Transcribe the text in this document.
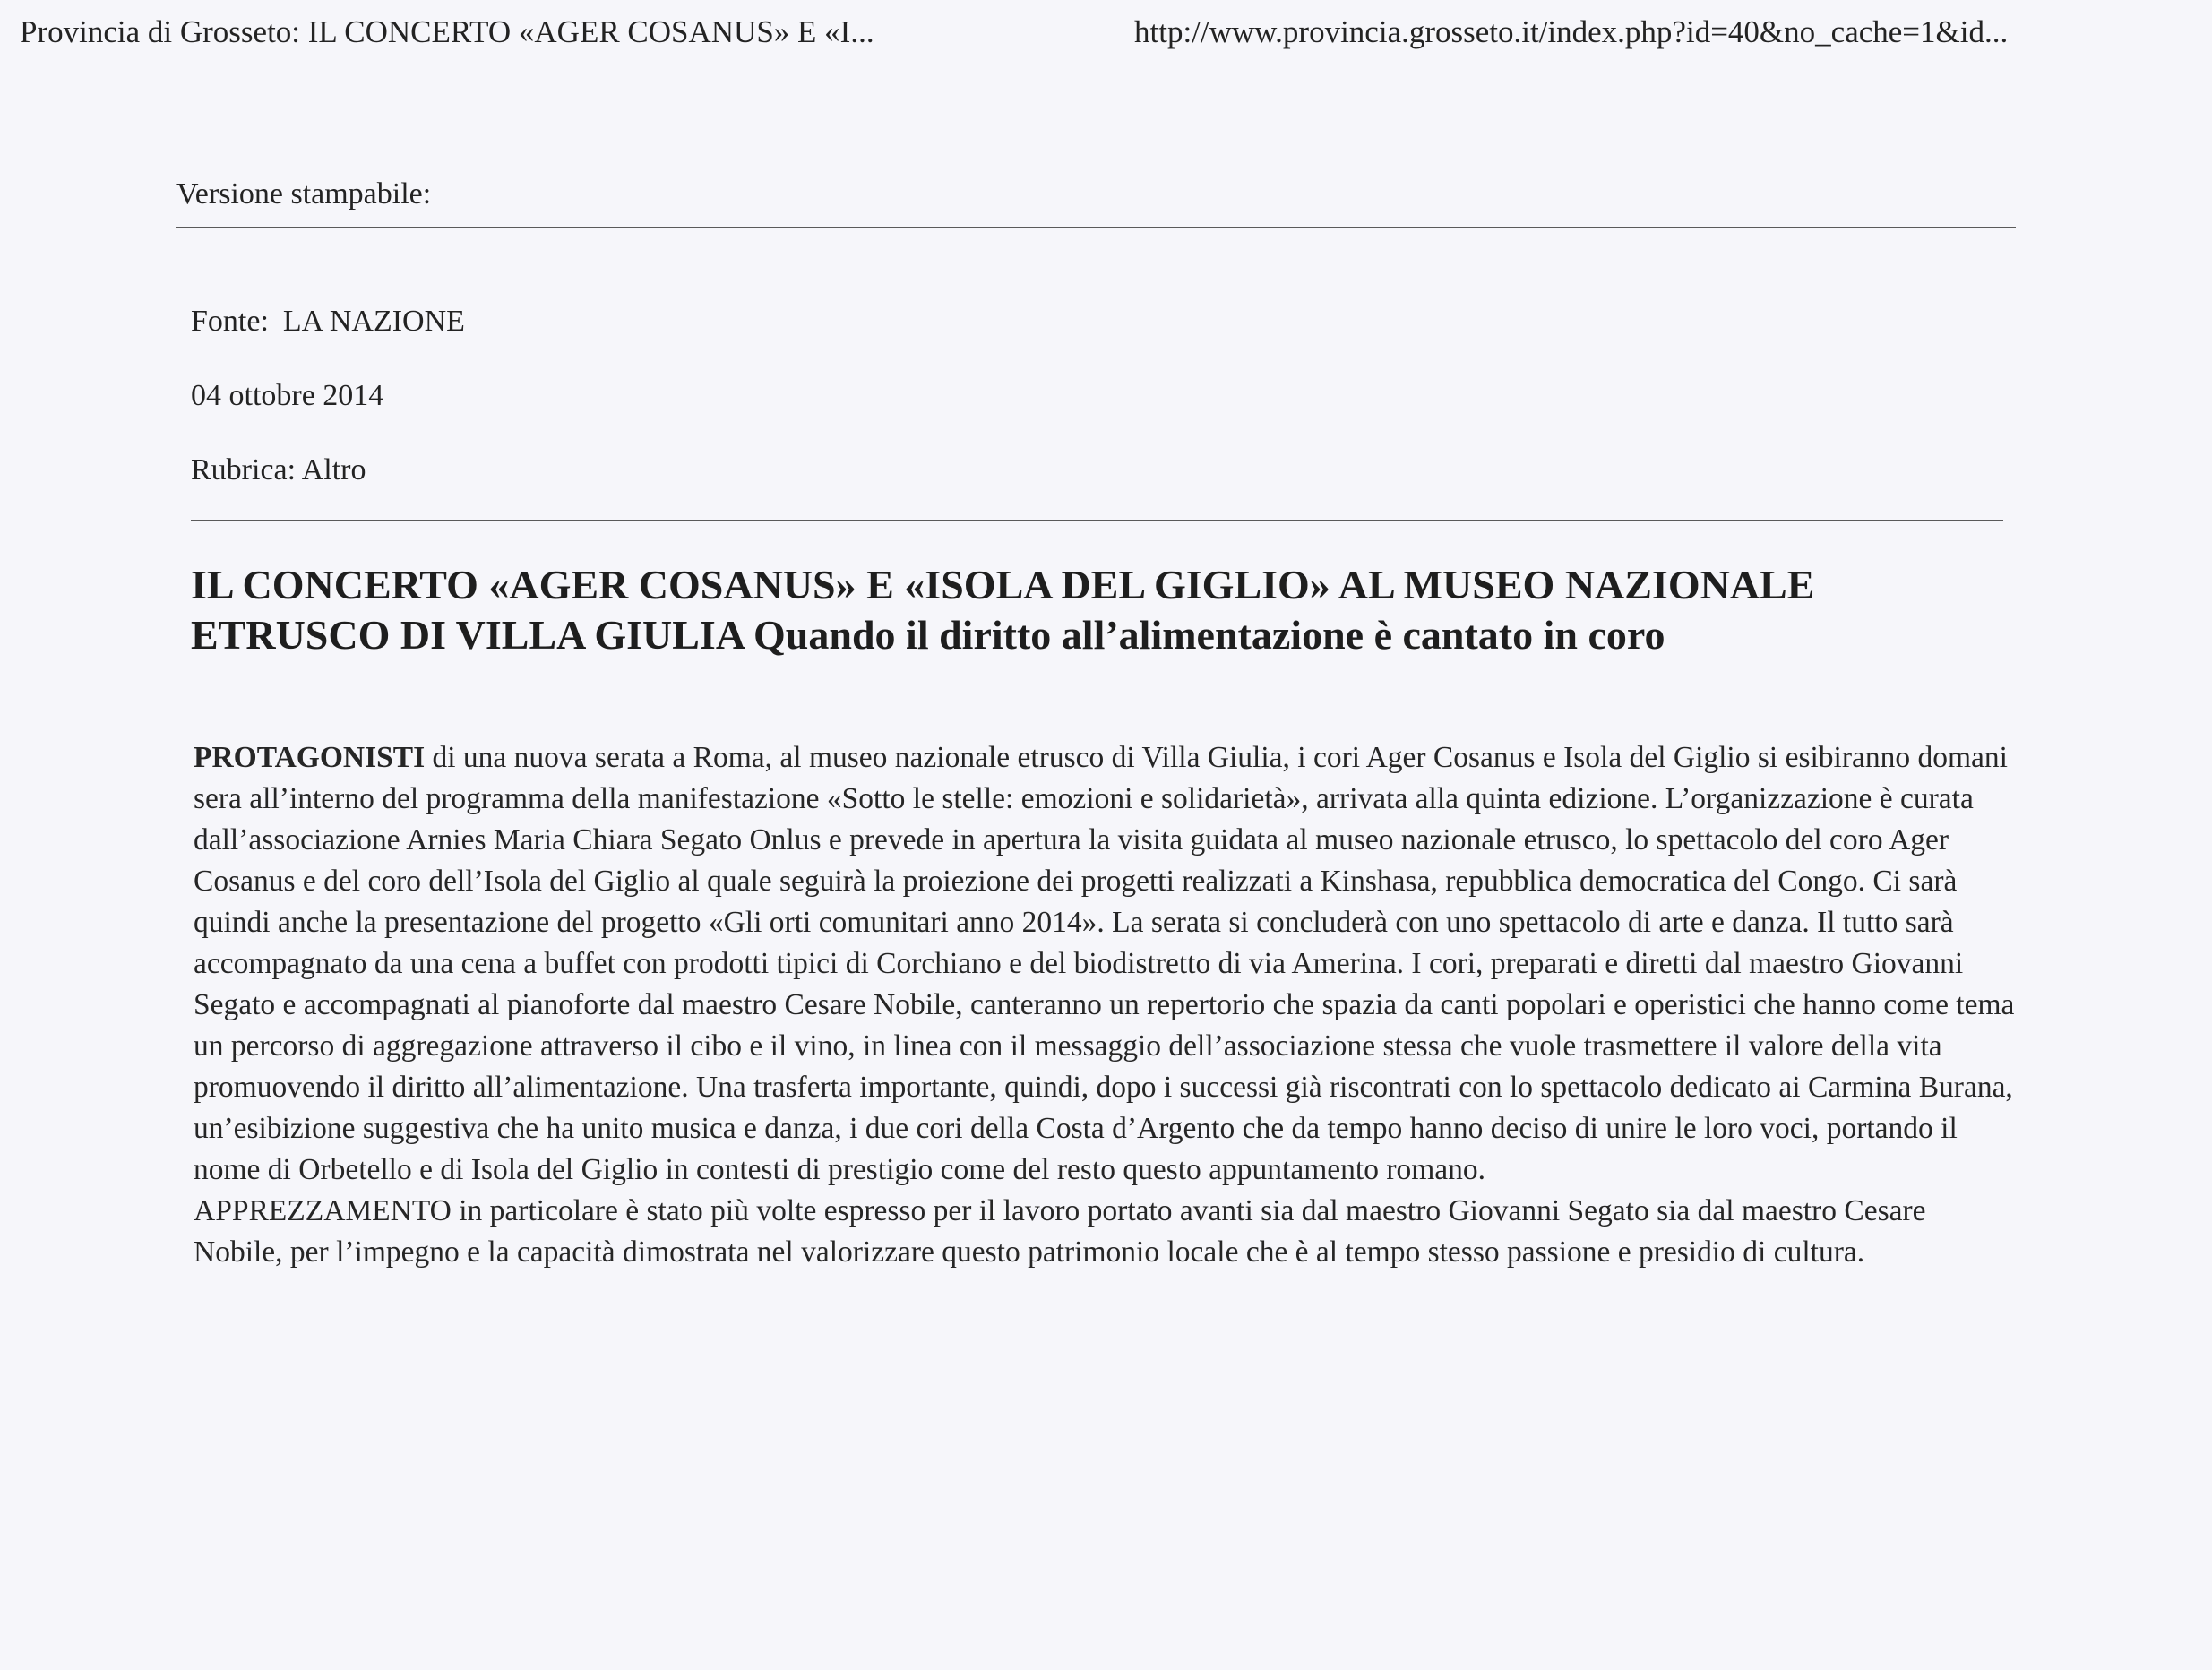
Provincia di Grosseto: IL CONCERTO «AGER COSANUS» E «I...	http://www.provincia.grosseto.it/index.php?id=40&no_cache=1&id...
Versione stampabile:
Fonte: LA NAZIONE
04 ottobre 2014
Rubrica: Altro
IL CONCERTO «AGER COSANUS» E «ISOLA DEL GIGLIO» AL MUSEO NAZIONALE ETRUSCO DI VILLA GIULIA Quando il diritto all’alimentazione è cantato in coro

PROTAGONISTI di una nuova serata a Roma, al museo nazionale etrusco di Villa Giulia, i cori Ager Cosanus e Isola del Giglio si esibiranno domani sera all’interno del programma della manifestazione «Sotto le stelle: emozioni e solidarietà», arrivata alla quinta edizione. L’organizzazione è curata dall’associazione Arnies Maria Chiara Segato Onlus e prevede in apertura la visita guidata al museo nazionale etrusco, lo spettacolo del coro Ager Cosanus e del coro dell’Isola del Giglio al quale seguirà la proiezione dei progetti realizzati a Kinshasa, repubblica democratica del Congo. Ci sarà quindi anche la presentazione del progetto «Gli orti comunitari anno 2014». La serata si concluderà con uno spettacolo di arte e danza. Il tutto sarà accompagnato da una cena a buffet con prodotti tipici di Corchiano e del biodistretto di via Amerina. I cori, preparati e diretti dal maestro Giovanni Segato e accompagnati al pianoforte dal maestro Cesare Nobile, canteranno un repertorio che spazia da canti popolari e operistici che hanno come tema un percorso di aggregazione attraverso il cibo e il vino, in linea con il messaggio dell’associazione stessa che vuole trasmettere il valore della vita promuovendo il diritto all’alimentazione. Una trasferta importante, quindi, dopo i successi già riscontrati con lo spettacolo dedicato ai Carmina Burana, un’esibizione suggestiva che ha unito musica e danza, i due cori della Costa d’Argento che da tempo hanno deciso di unire le loro voci, portando il nome di Orbetello e di Isola del Giglio in contesti di prestigio come del resto questo appuntamento romano.

APPREZZAMENTO in particolare è stato più volte espresso per il lavoro portato avanti sia dal maestro Giovanni Segato sia dal maestro Cesare Nobile, per l’impegno e la capacità dimostrata nel valorizzare questo patrimonio locale che è al tempo stesso passione e presidio di cultura.
